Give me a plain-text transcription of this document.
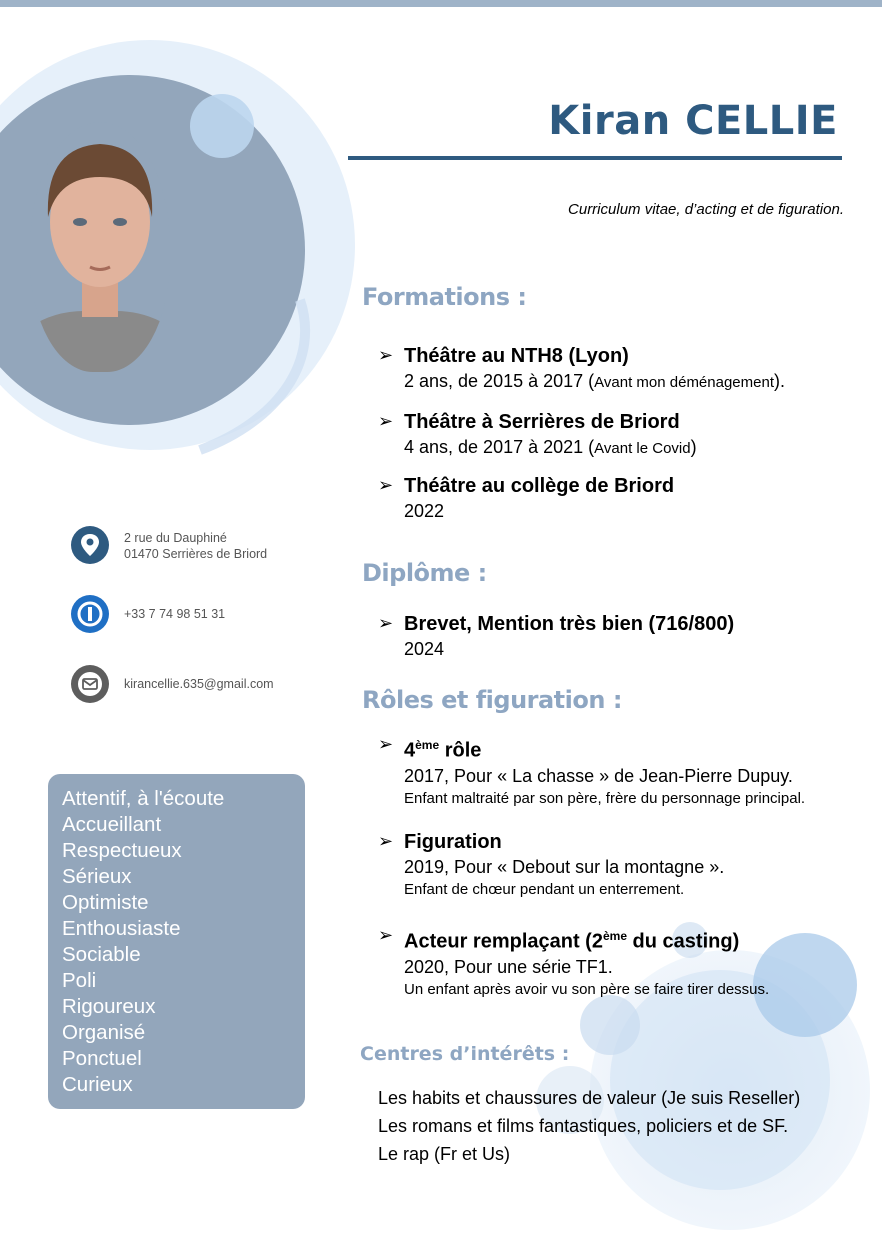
Kiran CELLIE
Curriculum vitae, d’acting et de figuration.
2 rue du Dauphiné
01470 Serrières de Briord
+33 7 74 98 51 31
kirancellie.635@gmail.com
Attentif, à l'écoute
Accueillant
Respectueux
Sérieux
Optimiste
Enthousiaste
Sociable
Poli
Rigoureux
Organisé
Ponctuel
Curieux
Formations :
➢ Théâtre au NTH8 (Lyon)
2 ans, de 2015 à 2017 (Avant mon déménagement).
➢ Théâtre à Serrières de Briord
4 ans, de 2017 à 2021 (Avant le Covid)
➢ Théâtre au collège de Briord
2022
Diplôme :
➢ Brevet, Mention très bien (716/800)
2024
Rôles et figuration :
➢ 4ème rôle
2017, Pour « La chasse » de Jean-Pierre Dupuy.
Enfant maltraité par son père, frère du personnage principal.
➢ Figuration
2019, Pour « Debout sur la montagne ».
Enfant de chœur pendant un enterrement.
➢ Acteur remplaçant (2ème du casting)
2020, Pour une série TF1.
Un enfant après avoir vu son père se faire tirer dessus.
Centres d’intérêts :
Les habits et chaussures de valeur (Je suis Reseller)
Les romans et films fantastiques, policiers et de SF.
Le rap (Fr et Us)
